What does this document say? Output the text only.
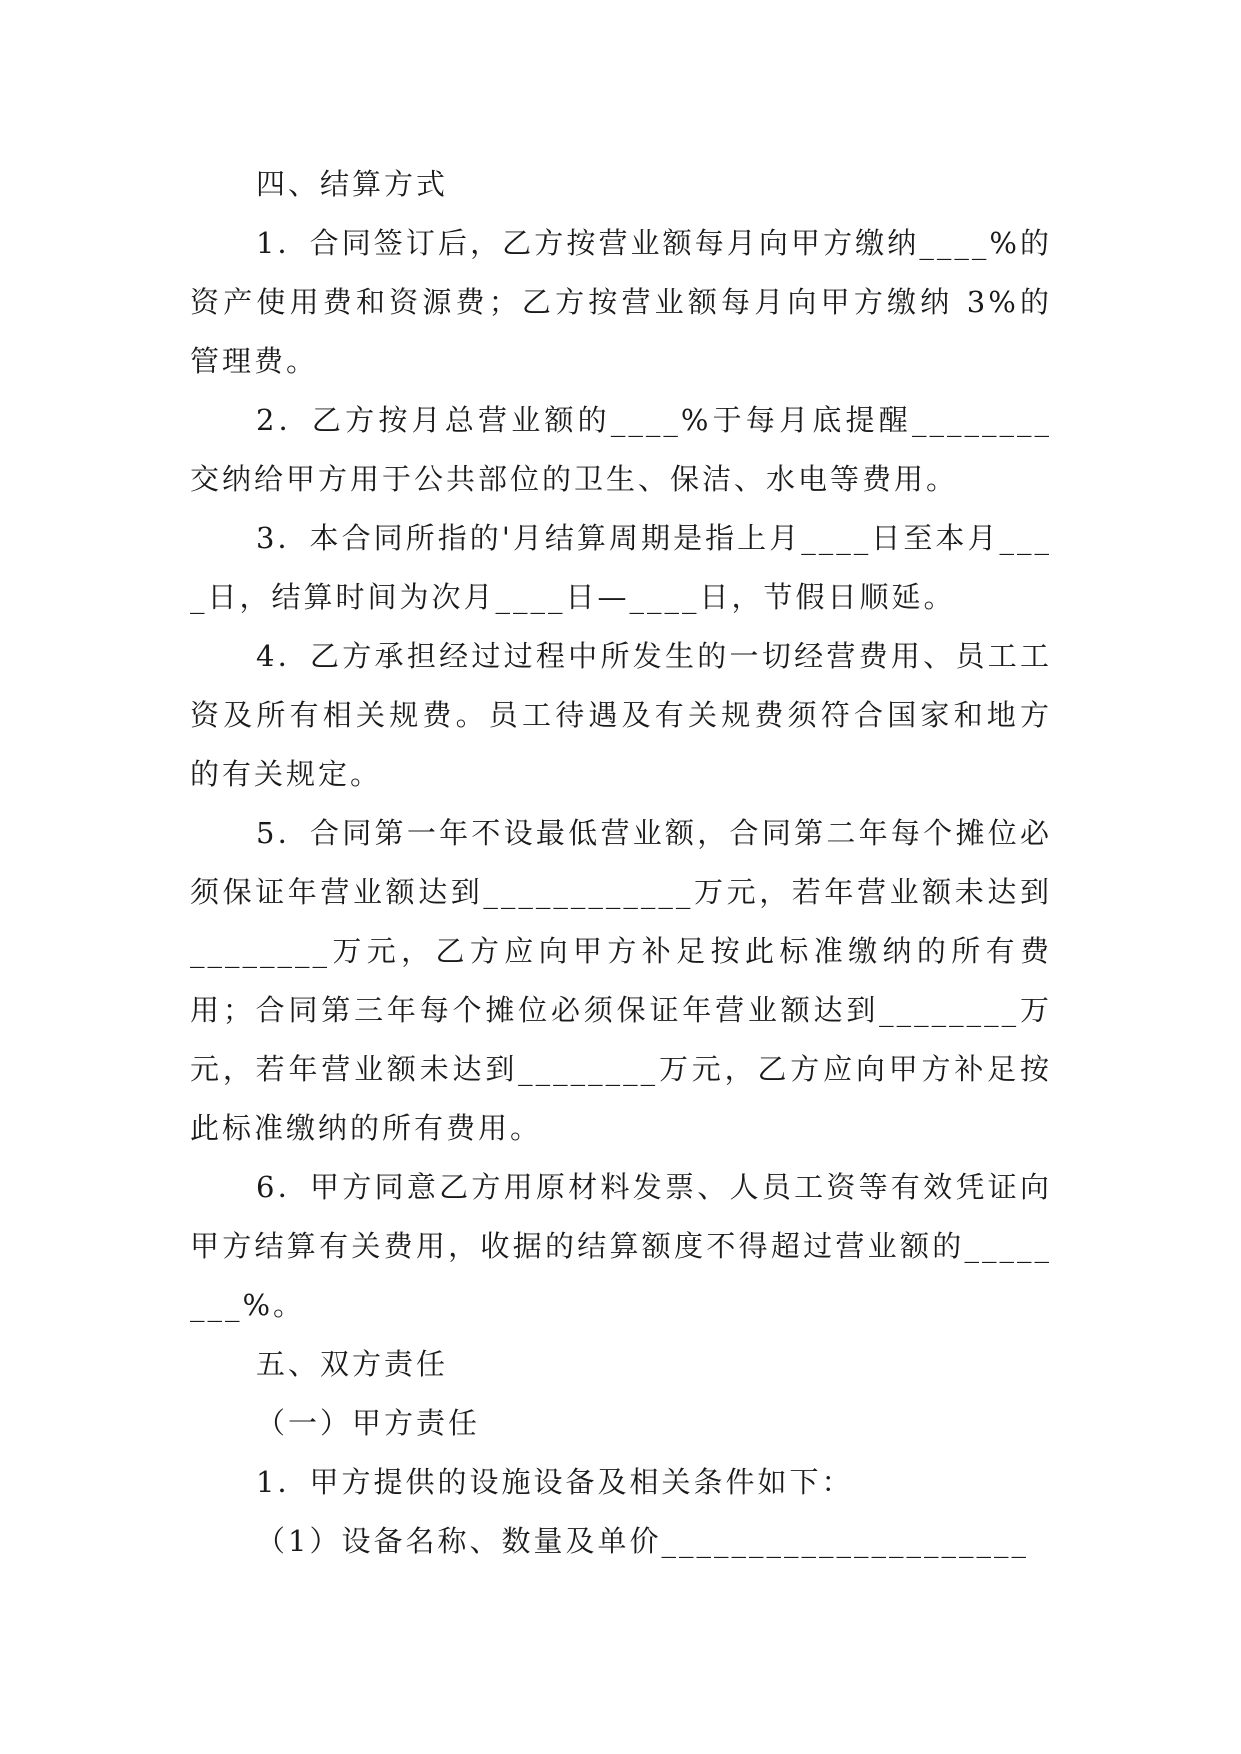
四、结算方式

1．合同签订后，乙方按营业额每月向甲方缴纳____%的资产使用费和资源费；乙方按营业额每月向甲方缴纳 3%的管理费。

2．乙方按月总营业额的____%于每月底提醒________交纳给甲方用于公共部位的卫生、保洁、水电等费用。

3．本合同所指的'月结算周期是指上月____日至本月____日，结算时间为次月____日—____日，节假日顺延。

4．乙方承担经过过程中所发生的一切经营费用、员工工资及所有相关规费。员工待遇及有关规费须符合国家和地方的有关规定。

5．合同第一年不设最低营业额，合同第二年每个摊位必须保证年营业额达到____________万元，若年营业额未达到________万元，乙方应向甲方补足按此标准缴纳的所有费用；合同第三年每个摊位必须保证年营业额达到________万元，若年营业额未达到________万元，乙方应向甲方补足按此标准缴纳的所有费用。

6．甲方同意乙方用原材料发票、人员工资等有效凭证向甲方结算有关费用，收据的结算额度不得超过营业额的________%。

五、双方责任

（一）甲方责任

1．甲方提供的设施设备及相关条件如下：

（1）设备名称、数量及单价_____________________
